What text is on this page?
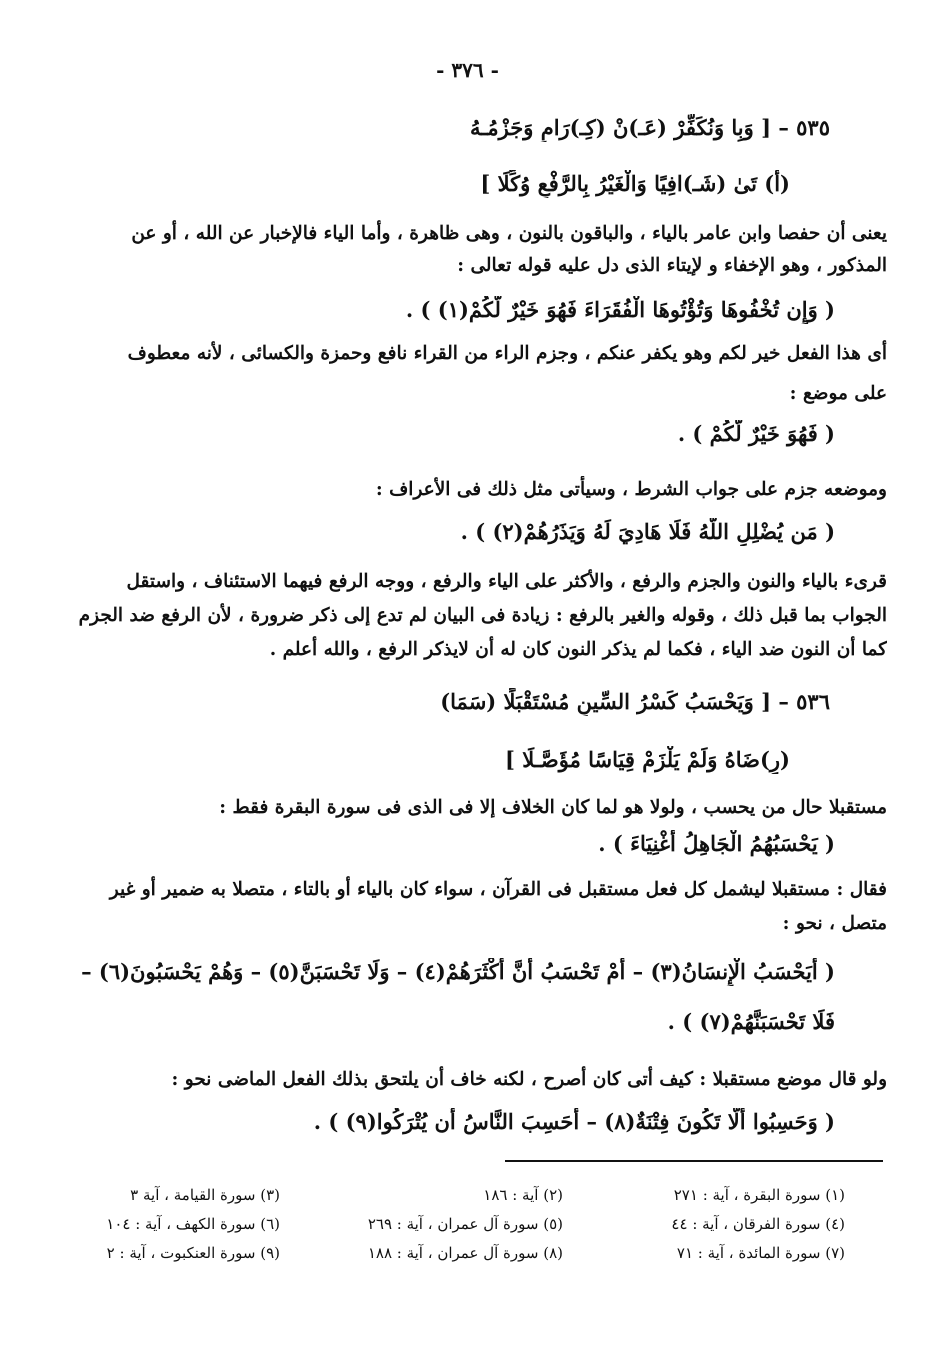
- ٣٧٦ -
٥٣٥ – [ وَبِا وَنُكَفِّرْ (عَـ)نْ (كِـ)رَامٍ وَجَزْمُـهُ
(أَ) تَىٰ (شَـ)افِيًا وَالْغَيْرُ بِالرَّفْعِ وُكِّلَا ]
يعنى أن حفصا وابن عامر بالياء ، والباقون بالنون ، وهى ظاهرة ، وأما الياء فالإخبار عن الله ، أو عن
المذكور ، وهو الإخفاء و لإيتاء الذى دل عليه قوله تعالى :
( وَإِن تُخْفُوهَا وَتُؤْتُوهَا الْفُقَرَاءَ فَهُوَ خَيْرٌ لَّكُمْ(١) ) .
أى هذا الفعل خير لكم وهو يكفر عنكم ، وجزم الراء من القراء نافع وحمزة والكسائى ، لأنه معطوف
على موضع :
( فَهُوَ خَيْرٌ لَّكُمْ ) .
وموضعه جزم على جواب الشرط ، وسيأتى مثل ذلك فى الأعراف :
( مَن يُضْلِلِ اللَّهُ فَلَا هَادِيَ لَهُ وَيَذَرُهُمْ(٢) ) .
قرىء بالياء والنون والجزم والرفع ، والأكثر على الياء والرفع ، ووجه الرفع فيهما الاستئناف ، واستقل
الجواب بما قبل ذلك ، وقوله والغير بالرفع : زيادة فى البيان لم تدع إلى ذكر ضرورة ، لأن الرفع ضد الجزم
كما أن النون ضد الياء ، فكما لم يذكر النون كان له أن لايذكر الرفع ، والله أعلم .
٥٣٦ – [ وَيَحْسَبُ كَسْرُ السِّينِ مُسْتَقْبَلًا (سَمَا)
(رِ)ضَاهُ وَلَمْ يَلْزَمْ قِيَاسًا مُؤَصَّـلَا ]
مستقبلا حال من يحسب ، ولولا هو لما كان الخلاف إلا فى الذى فى سورة البقرة فقط :
( يَحْسَبُهُمُ الْجَاهِلُ أَغْنِيَاءَ ) .
فقال : مستقبلا ليشمل كل فعل مستقبل فى القرآن ، سواء كان بالياء أو بالتاء ، متصلا به ضمير أو غير
متصل ، نحو :
( أَيَحْسَبُ الْإِنسَانُ(٣) – أَمْ تَحْسَبُ أَنَّ أَكْثَرَهُمْ(٤) – وَلَا تَحْسَبَنَّ(٥) – وَهُمْ يَحْسَبُونَ(٦) –
فَلَا تَحْسَبَنَّهُمْ(٧) ) .
ولو قال موضع مستقبلا : كيف أتى كان أصرح ، لكنه خاف أن يلتحق بذلك الفعل الماضى نحو :
( وَحَسِبُوا أَلَّا تَكُونَ فِتْنَةٌ(٨) – أَحَسِبَ النَّاسُ أَن يُتْرَكُوا(٩) ) .
(١) سورة البقرة ، آية : ٢٧١
(٢) آية : ١٨٦
(٣) سورة القيامة ، آية ٣
(٤) سورة الفرقان ، آية : ٤٤
(٥) سورة آل عمران ، آية : ٢٦٩
(٦) سورة الكهف ، آية : ١٠٤
(٧) سورة المائدة ، آية : ٧١
(٨) سورة آل عمران ، آية : ١٨٨
(٩) سورة العنكبوت ، آية : ٢
